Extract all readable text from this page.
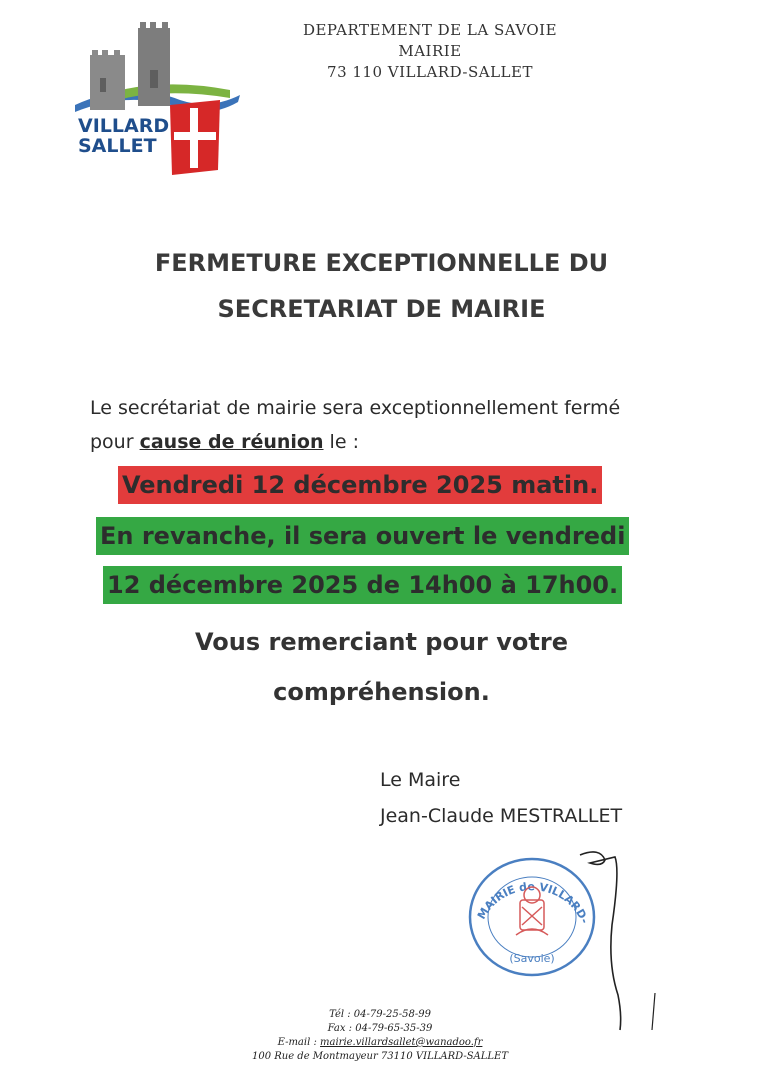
VILLARD
SALLET
DEPARTEMENT DE LA SAVOIE
MAIRIE
73 110 VILLARD-SALLET
FERMETURE EXCEPTIONNELLE DU
SECRETARIAT DE MAIRIE
Le secrétariat de mairie sera exceptionnellement fermé
pour cause de réunion le :
Vendredi 12 décembre 2025 matin.
En revanche, il sera ouvert le vendredi
12 décembre 2025 de 14h00 à 17h00.
Vous remerciant pour votre
compréhension.
Le Maire
Jean-Claude MESTRALLET
MAIRIE de VILLARD-
(Savoie)
Tél : 04-79-25-58-99
Fax : 04-79-65-35-39
E-mail : mairie.villardsallet@wanadoo.fr
100 Rue de Montmayeur 73110 VILLARD-SALLET
